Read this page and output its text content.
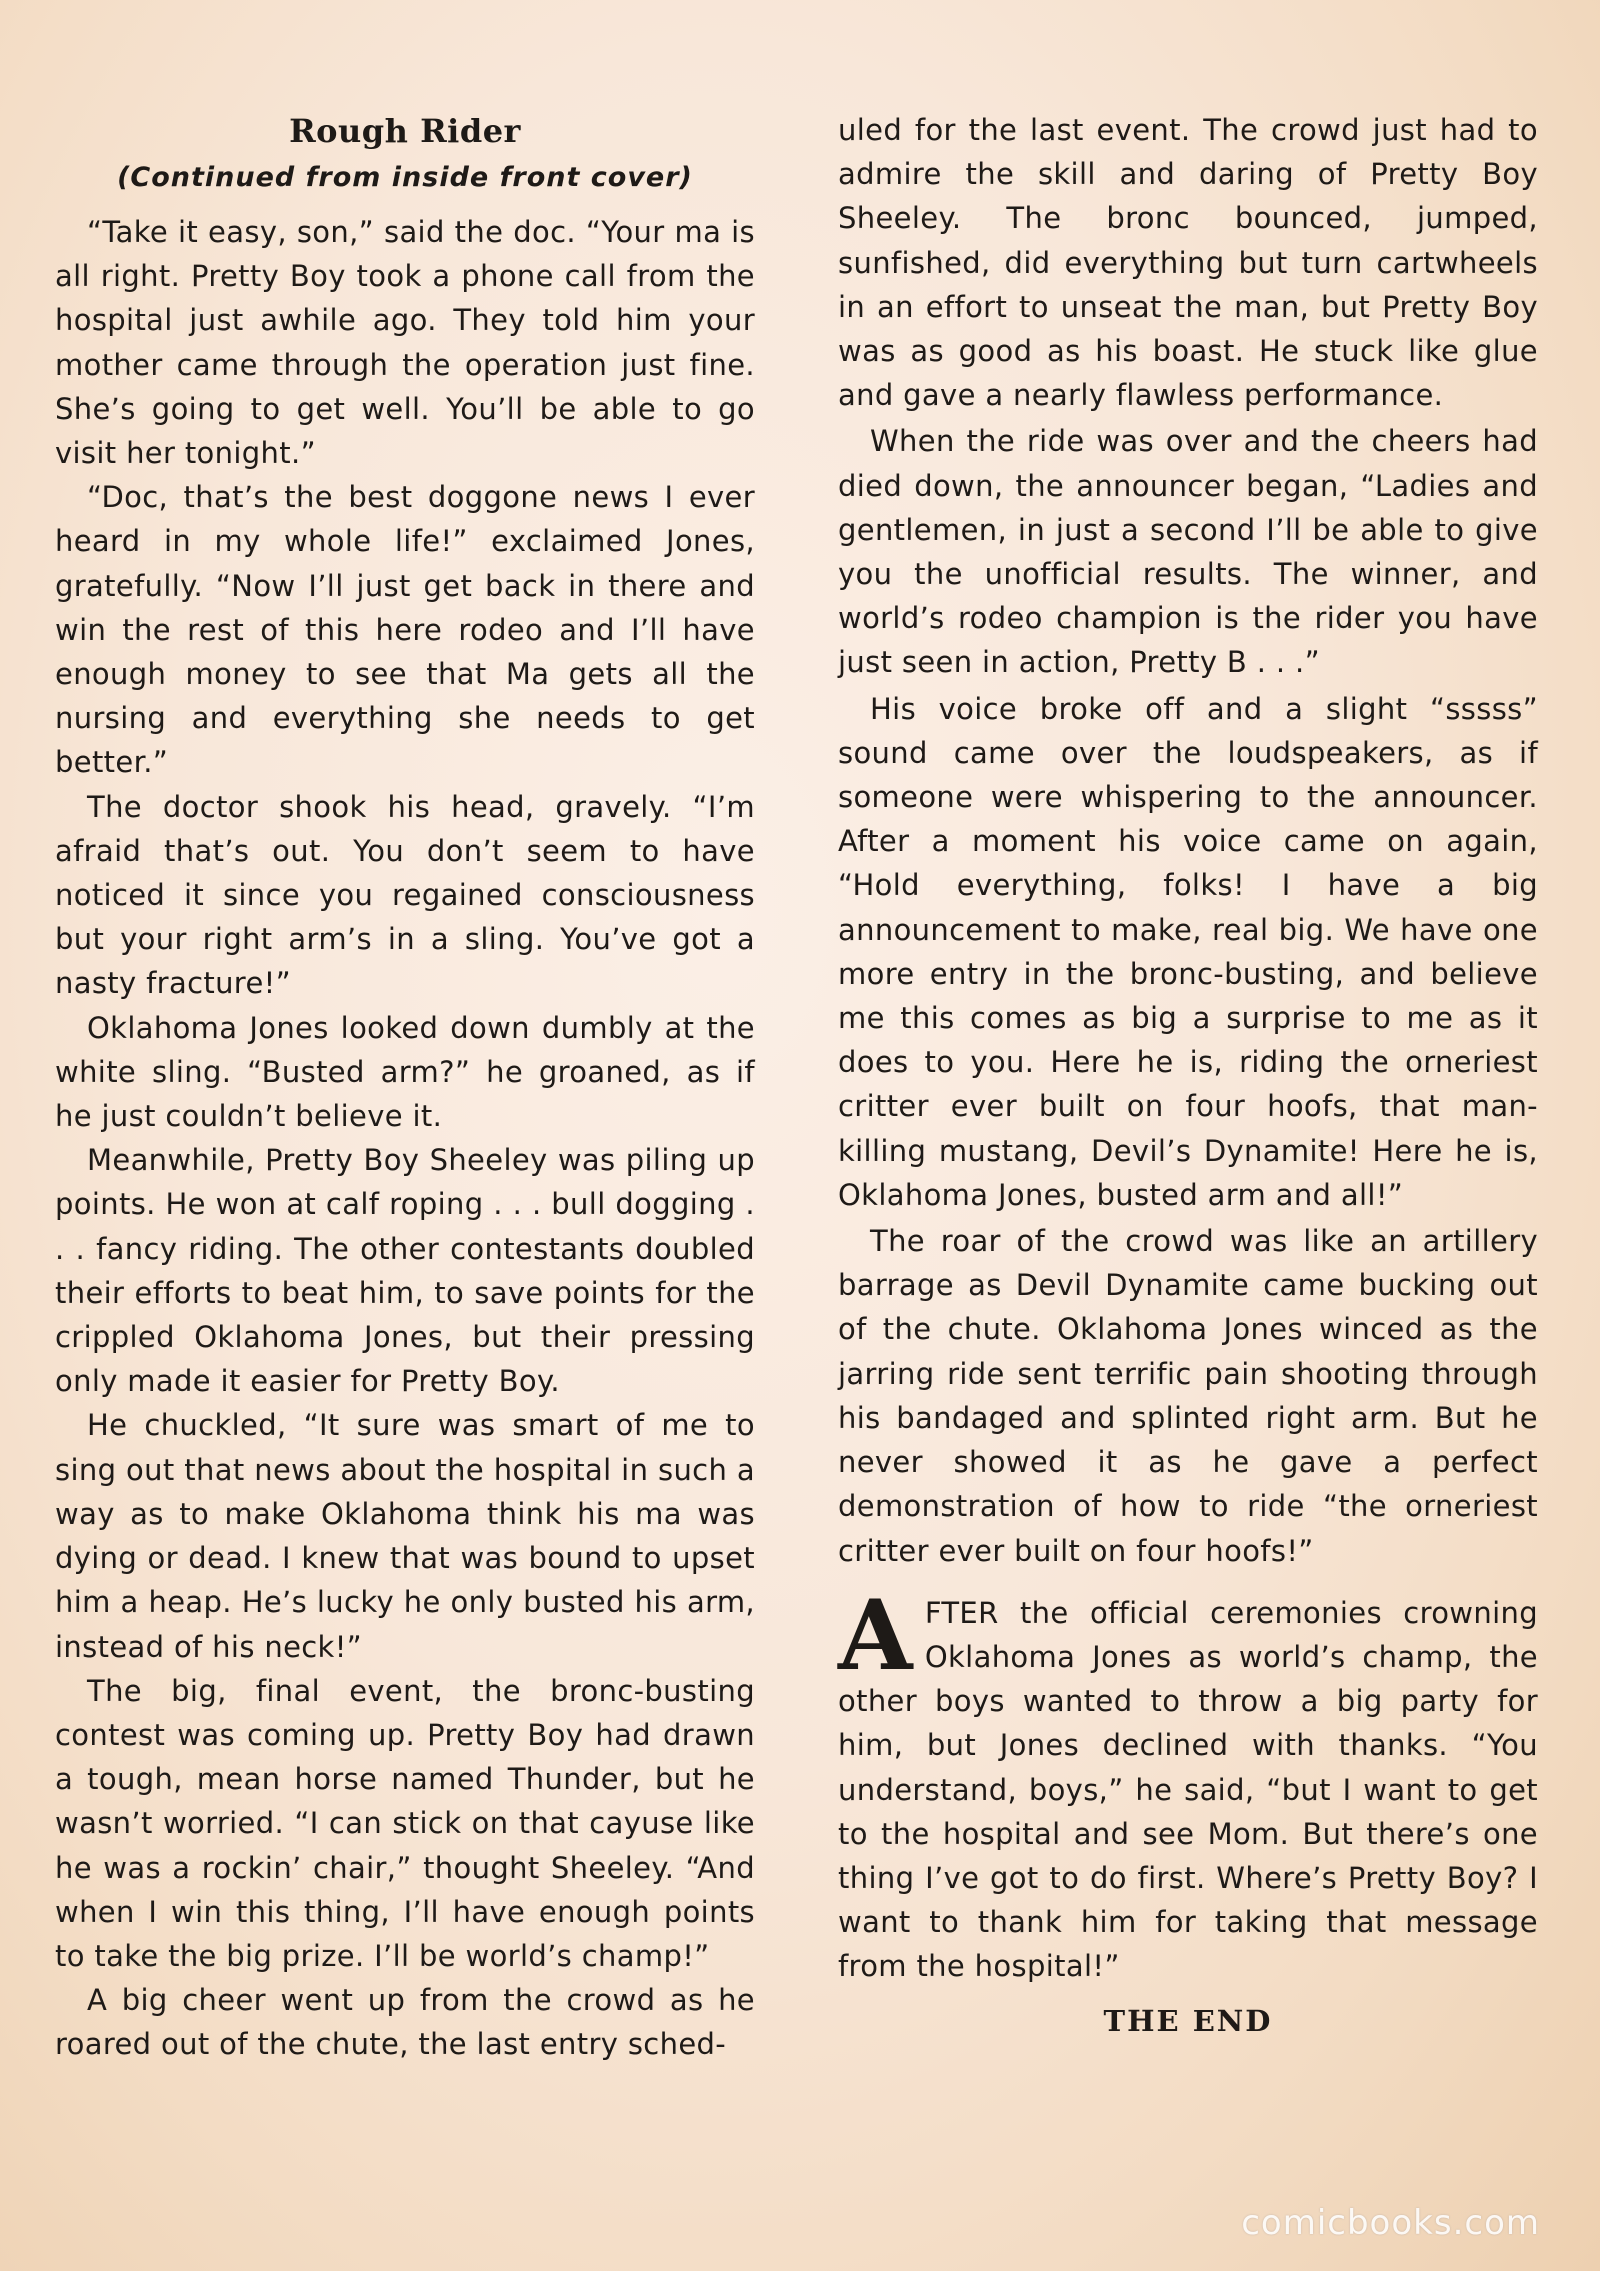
Rough Rider
(Continued from inside front cover)

“Take it easy, son,” said the doc. “Your ma is all right. Pretty Boy took a phone call from the hospital just awhile ago. They told him your mother came through the operation just fine. She’s going to get well. You’ll be able to go visit her tonight.”

“Doc, that’s the best doggone news I ever heard in my whole life!” exclaimed Jones, gratefully. “Now I’ll just get back in there and win the rest of this here rodeo and I’ll have enough money to see that Ma gets all the nursing and everything she needs to get better.”

The doctor shook his head, gravely. “I’m afraid that’s out. You don’t seem to have noticed it since you regained consciousness but your right arm’s in a sling. You’ve got a nasty fracture!”

Oklahoma Jones looked down dumbly at the white sling. “Busted arm?” he groaned, as if he just couldn’t believe it.

Meanwhile, Pretty Boy Sheeley was piling up points. He won at calf roping . . . bull dogging . . . fancy riding. The other contestants doubled their efforts to beat him, to save points for the crippled Oklahoma Jones, but their pressing only made it easier for Pretty Boy.

He chuckled, “It sure was smart of me to sing out that news about the hospital in such a way as to make Oklahoma think his ma was dying or dead. I knew that was bound to upset him a heap. He’s lucky he only busted his arm, instead of his neck!”

The big, final event, the bronc-busting contest was coming up. Pretty Boy had drawn a tough, mean horse named Thunder, but he wasn’t worried. “I can stick on that cayuse like he was a rockin’ chair,” thought Sheeley. “And when I win this thing, I’ll have enough points to take the big prize. I’ll be world’s champ!”

A big cheer went up from the crowd as he roared out of the chute, the last entry sched-

uled for the last event. The crowd just had to admire the skill and daring of Pretty Boy Sheeley. The bronc bounced, jumped, sunfished, did everything but turn cartwheels in an effort to unseat the man, but Pretty Boy was as good as his boast. He stuck like glue and gave a nearly flawless performance.

When the ride was over and the cheers had died down, the announcer began, “Ladies and gentlemen, in just a second I’ll be able to give you the unofficial results. The winner, and world’s rodeo champion is the rider you have just seen in action, Pretty B . . .”

His voice broke off and a slight “sssss” sound came over the loudspeakers, as if someone were whispering to the announcer. After a moment his voice came on again, “Hold everything, folks! I have a big announcement to make, real big. We have one more entry in the bronc-busting, and believe me this comes as big a surprise to me as it does to you. Here he is, riding the orneriest critter ever built on four hoofs, that man-killing mustang, Devil’s Dynamite! Here he is, Oklahoma Jones, busted arm and all!”

The roar of the crowd was like an artillery barrage as Devil Dynamite came bucking out of the chute. Oklahoma Jones winced as the jarring ride sent terrific pain shooting through his bandaged and splinted right arm. But he never showed it as he gave a perfect demonstration of how to ride “the orneriest critter ever built on four hoofs!”

AFTER the official ceremonies crowning Oklahoma Jones as world’s champ, the other boys wanted to throw a big party for him, but Jones declined with thanks. “You understand, boys,” he said, “but I want to get to the hospital and see Mom. But there’s one thing I’ve got to do first. Where’s Pretty Boy? I want to thank him for taking that message from the hospital!”

THE END

comicbooks.com
